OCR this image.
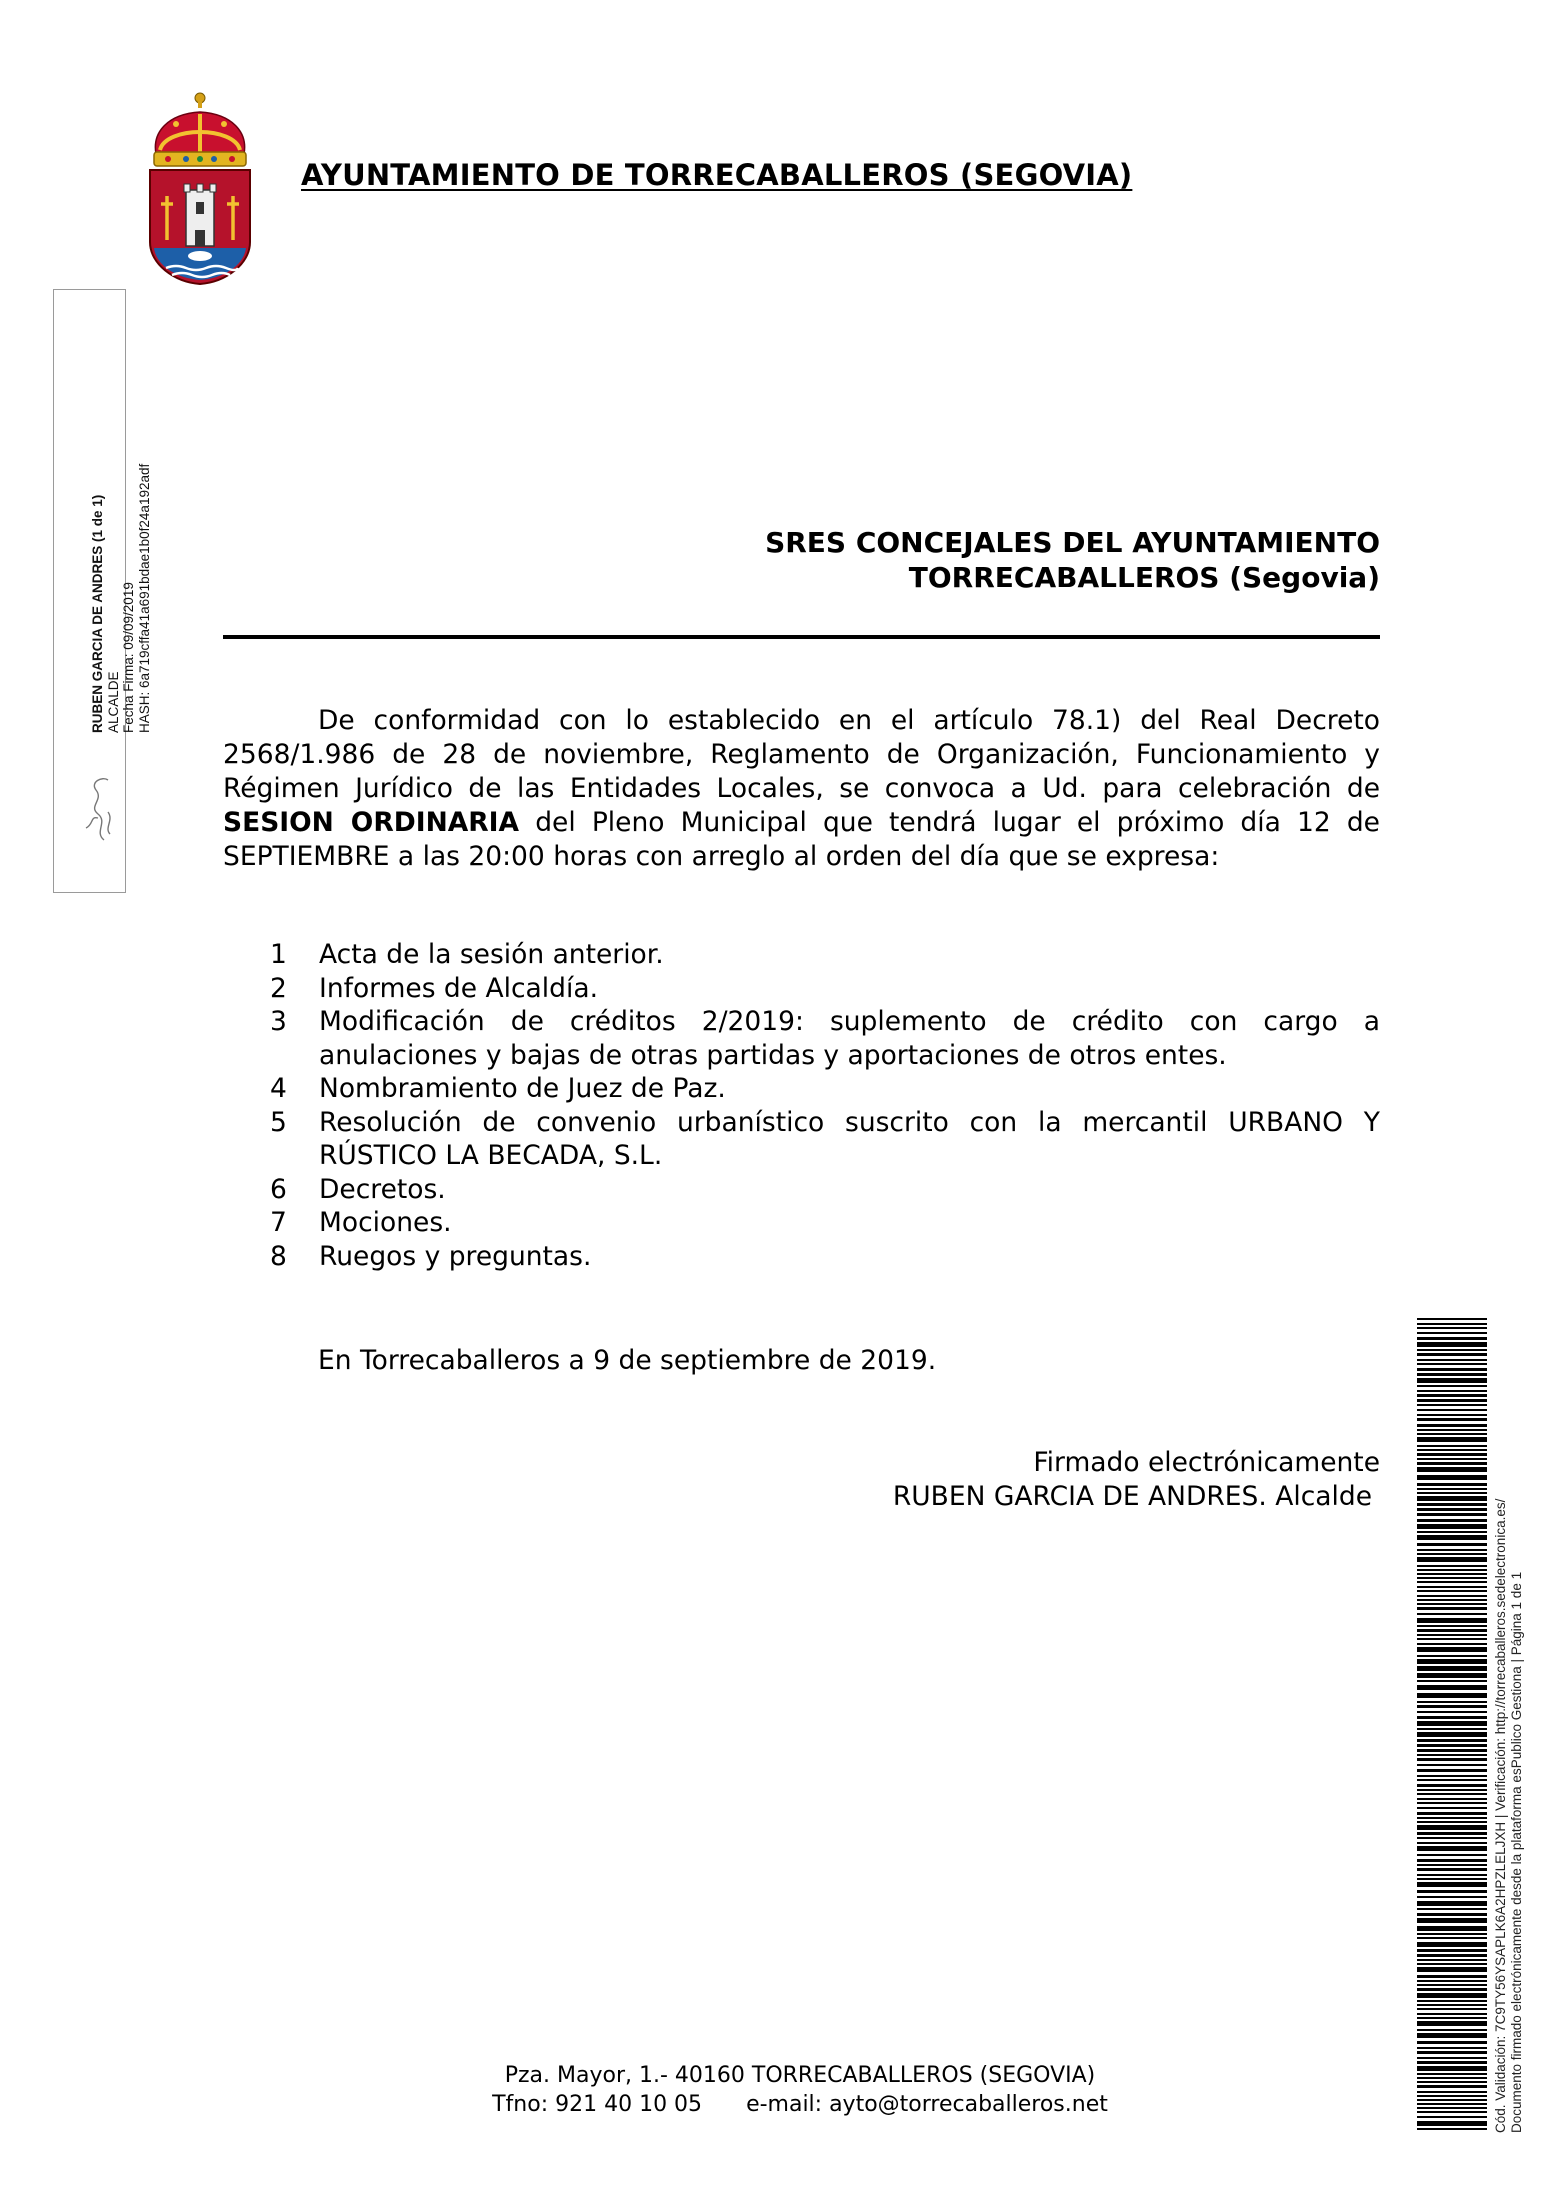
AYUNTAMIENTO DE TORRECABALLEROS (SEGOVIA)
RUBEN GARCIA DE ANDRES (1 de 1) ALCALDE Fecha Firma: 09/09/2019 HASH: 6a719cffa41a691bdae1b0f24a192adf	SRES CONCEJALES DEL AYUNTAMIENTO
TORRECABALLEROS (Segovia)

De conformidad con lo establecido en el artículo 78.1) del Real Decreto 2568/1.986 de 28 de noviembre, Reglamento de Organización, Funcionamiento y Régimen Jurídico de las Entidades Locales, se convoca a Ud. para celebración de SESION ORDINARIA del Pleno Municipal que tendrá lugar el próximo día 12 de SEPTIEMBRE a las 20:00 horas con arreglo al orden del día que se expresa:

1 Acta de la sesión anterior.
2 Informes de Alcaldía.
3 Modificación de créditos 2/2019: suplemento de crédito con cargo a anulaciones y bajas de otras partidas y aportaciones de otros entes.
4 Nombramiento de Juez de Paz.
5 Resolución de convenio urbanístico suscrito con la mercantil URBANO Y RÚSTICO LA BECADA, S.L.
6 Decretos.
7 Mociones.
8 Ruegos y preguntas.
En Torrecaballeros a 9 de septiembre de 2019.
Firmado electrónicamente
RUBEN GARCIA DE ANDRES. Alcalde
Pza. Mayor, 1.- 40160 TORRECABALLEROS (SEGOVIA)
Tfno: 921 40 10 05 e-mail: ayto@torrecaballeros.net	Cód. Validación: 7C9TY56YSAPLK6A2HPZLELJXH | Verificación: http://torrecaballeros.sedelectronica.es/ Documento firmado electrónicamente desde la plataforma esPublico Gestiona | Página 1 de 1
